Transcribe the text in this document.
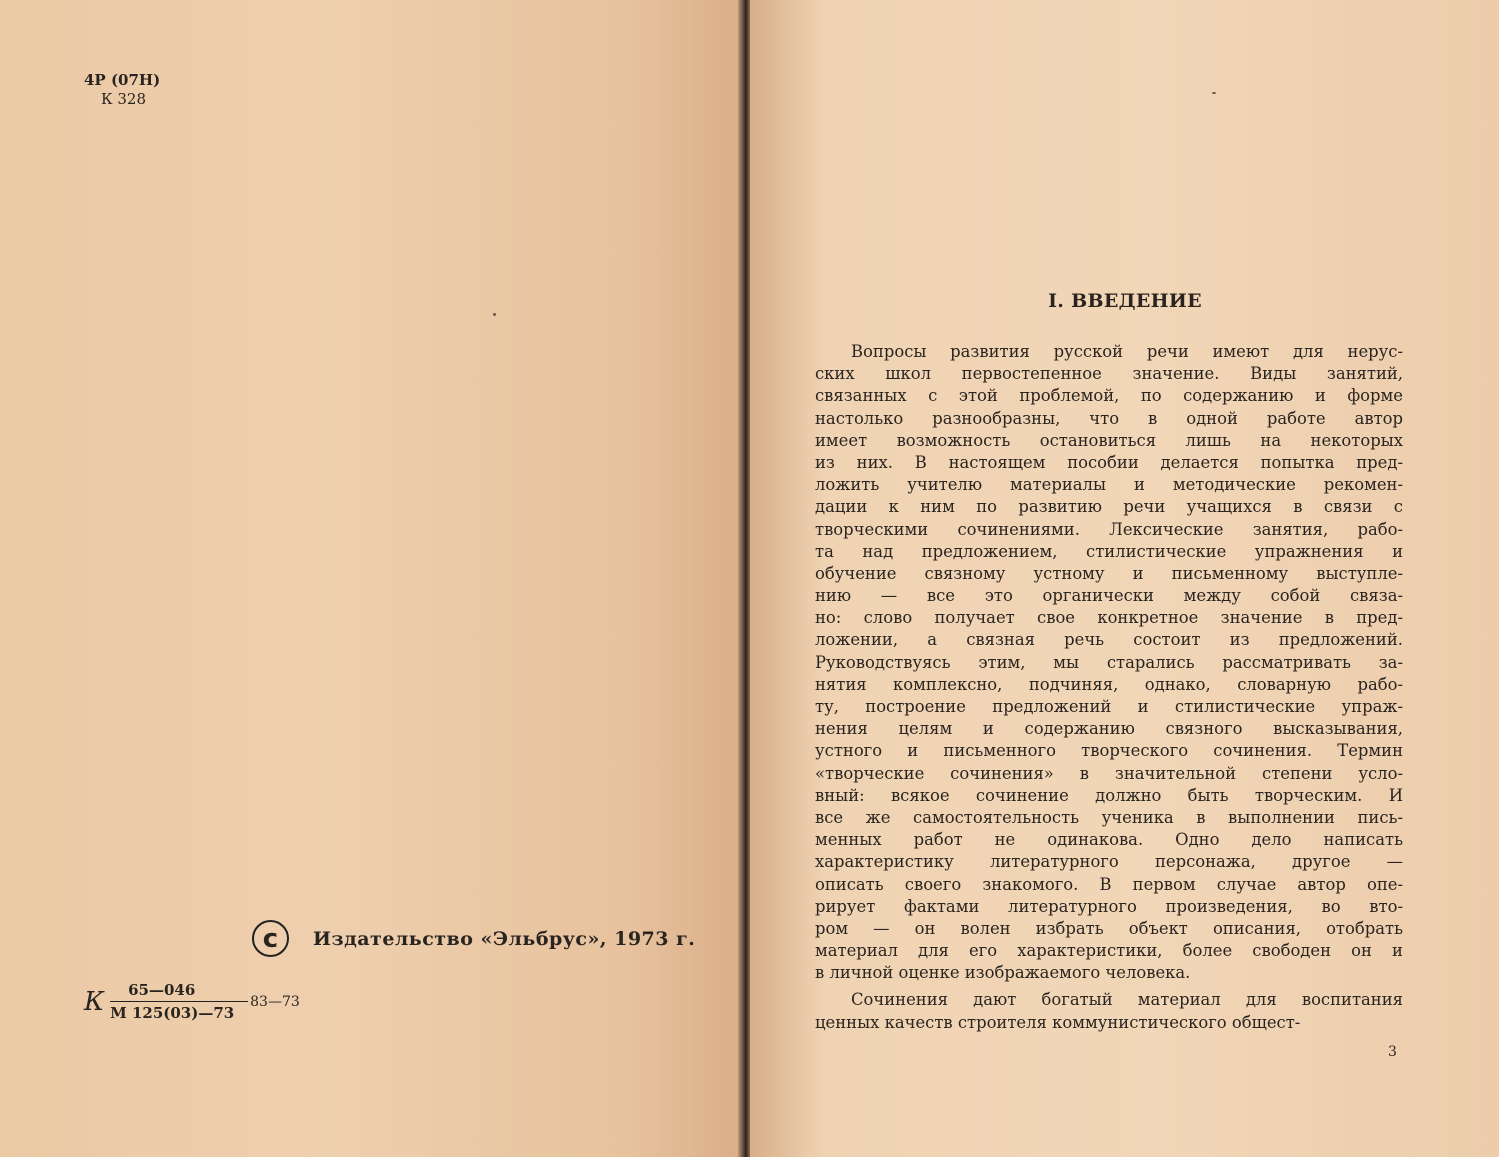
4Р (07Н)
К 328
c	Издательство «Эльбрус», 1973 г.
К $\frac{65—046}{М 125(03)—73}$ 83—73
I. ВВЕДЕНИЕ
Вопросы развития русской речи имеют для нерус-
ских школ первостепенное значение. Виды занятий,
связанных с этой проблемой, по содержанию и форме
настолько разнообразны, что в одной работе автор
имеет возможность остановиться лишь на некоторых
из них. В настоящем пособии делается попытка пред-
ложить учителю материалы и методические рекомен-
дации к ним по развитию речи учащихся в связи с
творческими сочинениями. Лексические занятия, рабо-
та над предложением, стилистические упражнения и
обучение связному устному и письменному выступле-
нию — все это органически между собой связа-
но: слово получает свое конкретное значение в пред-
ложении, а связная речь состоит из предложений.
Руководствуясь этим, мы старались рассматривать за-
нятия комплексно, подчиняя, однако, словарную рабо-
ту, построение предложений и стилистические упраж-
нения целям и содержанию связного высказывания,
устного и письменного творческого сочинения. Термин
«творческие сочинения» в значительной степени усло-
вный: всякое сочинение должно быть творческим. И
все же самостоятельность ученика в выполнении пись-
менных работ не одинакова. Одно дело написать
характеристику литературного персонажа, другое —
описать своего знакомого. В первом случае автор опе-
рирует фактами литературного произведения, во вто-
ром — он волен избрать объект описания, отобрать
материал для его характеристики, более свободен он и
в личной оценке изображаемого человека.
Сочинения дают богатый материал для воспитания
ценных качеств строителя коммунистического общест-
3
